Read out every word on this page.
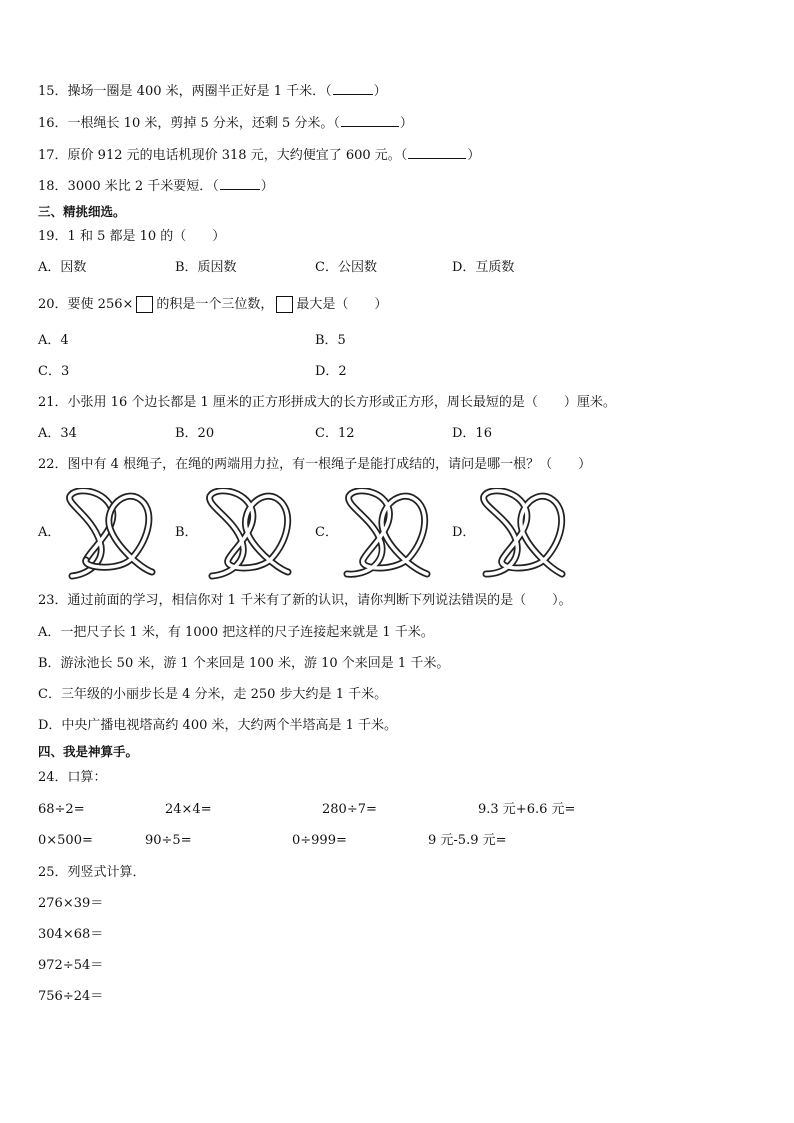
15．操场一圈是 400 米，两圈半正好是 1 千米．（	）
16．一根绳长 10 米，剪掉 5 分米，还剩 5 分米。（	）
17．原价 912 元的电话机现价 318 元，大约便宜了 600 元。（	）
18．3000 米比 2 千米要短．（	）
三、精挑细选。
19．1 和 5 都是 10 的（　　）
A．因数	B．质因数	C．公因数	D．互质数
20．要使 256× 的积是一个三位数， 最大是（　　）
A．4	B．5
C．3	D．2
21．小张用 16 个边长都是 1 厘米的正方形拼成大的长方形或正方形，周长最短的是（　　）厘米。
A．34	B．20	C．12	D．16
22．图中有 4 根绳子，在绳的两端用力拉，有一根绳子是能打成结的，请问是哪一根？（　　）
A．	B．	C．	D．
23．通过前面的学习，相信你对 1 千米有了新的认识，请你判断下列说法错误的是（　　）。
A．一把尺子长 1 米，有 1000 把这样的尺子连接起来就是 1 千米。
B．游泳池长 50 米，游 1 个来回是 100 米，游 10 个来回是 1 千米。
C．三年级的小丽步长是 4 分米，走 250 步大约是 1 千米。
D．中央广播电视塔高约 400 米，大约两个半塔高是 1 千米。
四、我是神算手。
24．口算：
68÷2=	24×4=	280÷7=	9.3 元+6.6 元=
0×500=	90÷5=	0÷999=	9 元-5.9 元=
25．列竖式计算．
276×39＝
304×68＝
972÷54＝
756÷24＝
